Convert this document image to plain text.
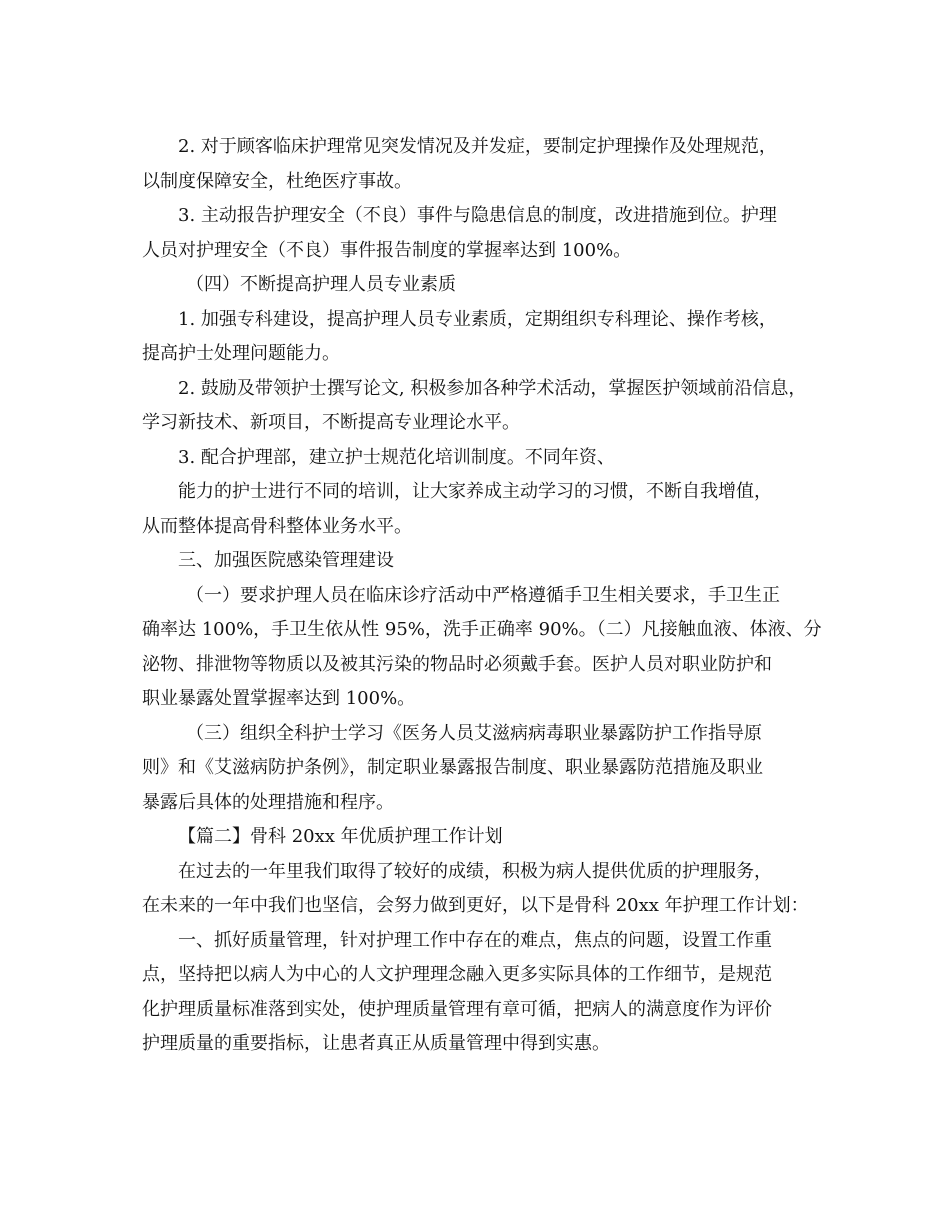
2. 对于顾客临床护理常见突发情况及并发症，要制定护理操作及处理规范，
以制度保障安全，杜绝医疗事故。
3. 主动报告护理安全（不良）事件与隐患信息的制度，改进措施到位。护理
人员对护理安全（不良）事件报告制度的掌握率达到 100%。
（四）不断提高护理人员专业素质
1. 加强专科建设，提高护理人员专业素质，定期组织专科理论、操作考核，
提高护士处理问题能力。
2. 鼓励及带领护士撰写论文, 积极参加各种学术活动，掌握医护领域前沿信息，
学习新技术、新项目，不断提高专业理论水平。
3. 配合护理部，建立护士规范化培训制度。不同年资、
能力的护士进行不同的培训，让大家养成主动学习的习惯，不断自我增值，
从而整体提高骨科整体业务水平。
三、加强医院感染管理建设
（一）要求护理人员在临床诊疗活动中严格遵循手卫生相关要求，手卫生正
确率达 100%，手卫生依从性 95%，洗手正确率 90%。（二）凡接触血液、体液、分
泌物、排泄物等物质以及被其污染的物品时必须戴手套。医护人员对职业防护和
职业暴露处置掌握率达到 100%。
（三）组织全科护士学习《医务人员艾滋病病毒职业暴露防护工作指导原
则》和《艾滋病防护条例》，制定职业暴露报告制度、职业暴露防范措施及职业
暴露后具体的处理措施和程序。
【篇二】骨科 20xx 年优质护理工作计划
在过去的一年里我们取得了较好的成绩，积极为病人提供优质的护理服务，
在未来的一年中我们也坚信，会努力做到更好，以下是骨科 20xx 年护理工作计划：
一、抓好质量管理，针对护理工作中存在的难点，焦点的问题，设置工作重
点，坚持把以病人为中心的人文护理理念融入更多实际具体的工作细节，是规范
化护理质量标准落到实处，使护理质量管理有章可循，把病人的满意度作为评价
护理质量的重要指标，让患者真正从质量管理中得到实惠。
